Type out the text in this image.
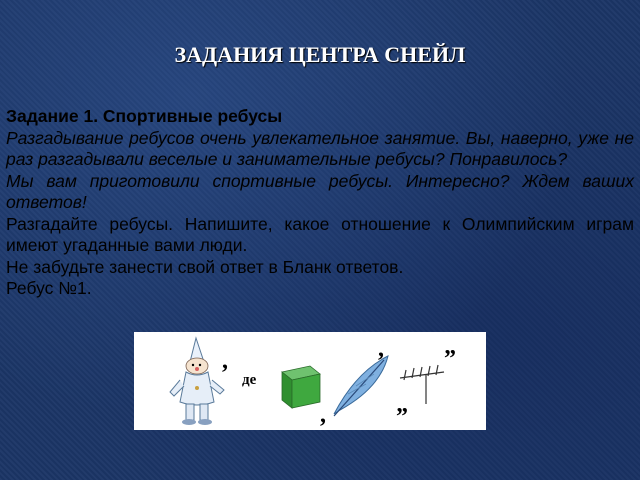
ЗАДАНИЯ ЦЕНТРА СНЕЙЛ
Задание 1. Спортивные ребусы
Разгадывание ребусов очень увлекательное занятие. Вы, наверно, уже не раз разгадывали веселые и занимательные ребусы? Понравилось?
Мы вам приготовили спортивные ребусы. Интересно? Ждем ваших ответов!
Разгадайте ребусы. Напишите, какое отношение к Олимпийским играм имеют угаданные вами люди.
Не забудьте занести свой ответ в Бланк ответов.
Ребус №1.
,
де
,
,
”
”
